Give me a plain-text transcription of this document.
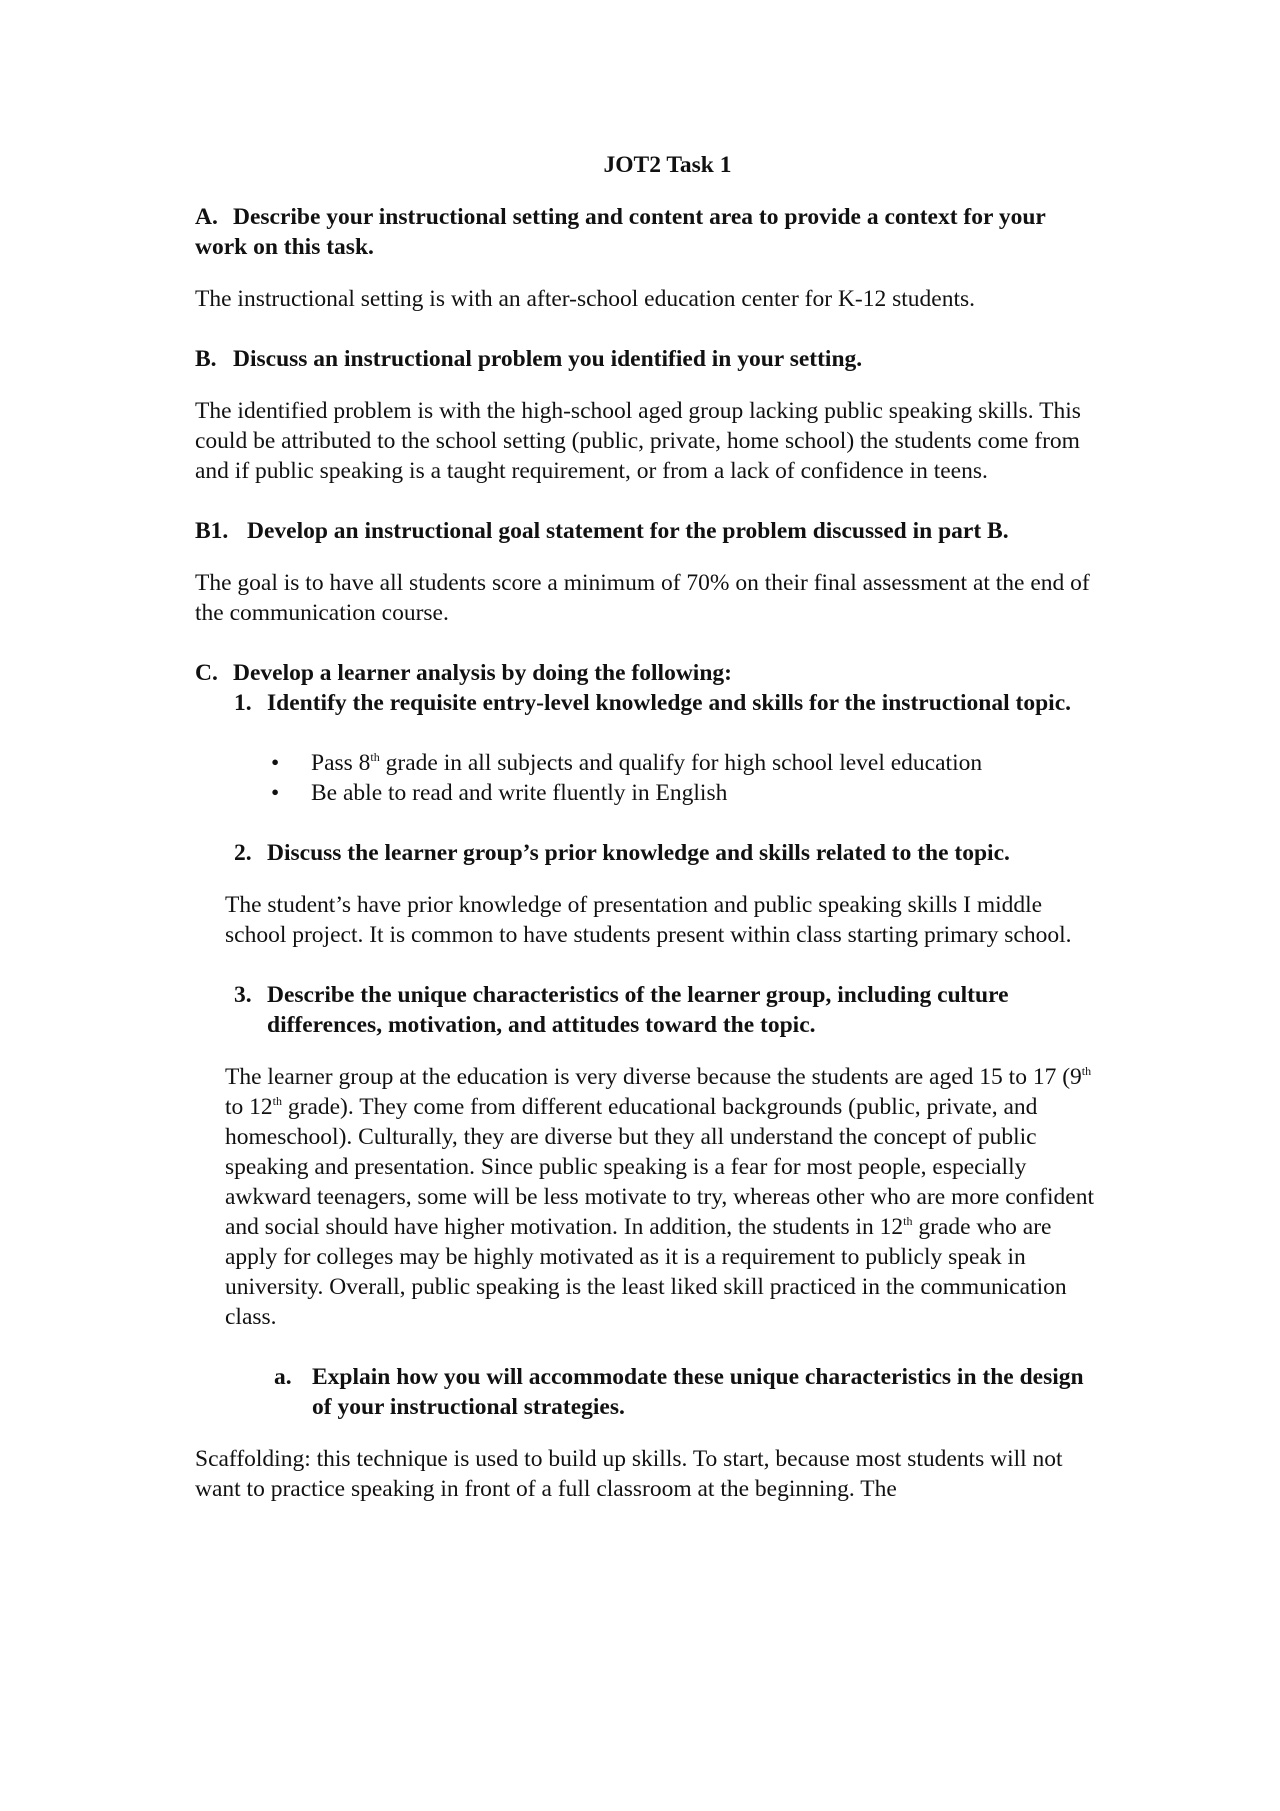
JOT2 Task 1
A. Describe your instructional setting and content area to provide a context for your work on this task.

The instructional setting is with an after-school education center for K-12 students.

B. Discuss an instructional problem you identified in your setting.

The identified problem is with the high-school aged group lacking public speaking skills. This could be attributed to the school setting (public, private, home school) the students come from and if public speaking is a taught requirement, or from a lack of confidence in teens.

B1. Develop an instructional goal statement for the problem discussed in part B.

The goal is to have all students score a minimum of 70% on their final assessment at the end of the communication course.

C. Develop a learner analysis by doing the following:
1. Identify the requisite entry-level knowledge and skills for the instructional topic.
• Pass 8th grade in all subjects and qualify for high school level education
• Be able to read and write fluently in English
2. Discuss the learner group’s prior knowledge and skills related to the topic.

The student’s have prior knowledge of presentation and public speaking skills I middle school project. It is common to have students present within class starting primary school.

3. Describe the unique characteristics of the learner group, including culture differences, motivation, and attitudes toward the topic.

The learner group at the education is very diverse because the students are aged 15 to 17 (9th to 12th grade). They come from different educational backgrounds (public, private, and homeschool). Culturally, they are diverse but they all understand the concept of public speaking and presentation. Since public speaking is a fear for most people, especially awkward teenagers, some will be less motivate to try, whereas other who are more confident and social should have higher motivation. In addition, the students in 12th grade who are apply for colleges may be highly motivated as it is a requirement to publicly speak in university. Overall, public speaking is the least liked skill practiced in the communication class.

a. Explain how you will accommodate these unique characteristics in the design of your instructional strategies.

Scaffolding: this technique is used to build up skills. To start, because most students will not want to practice speaking in front of a full classroom at the beginning. The
